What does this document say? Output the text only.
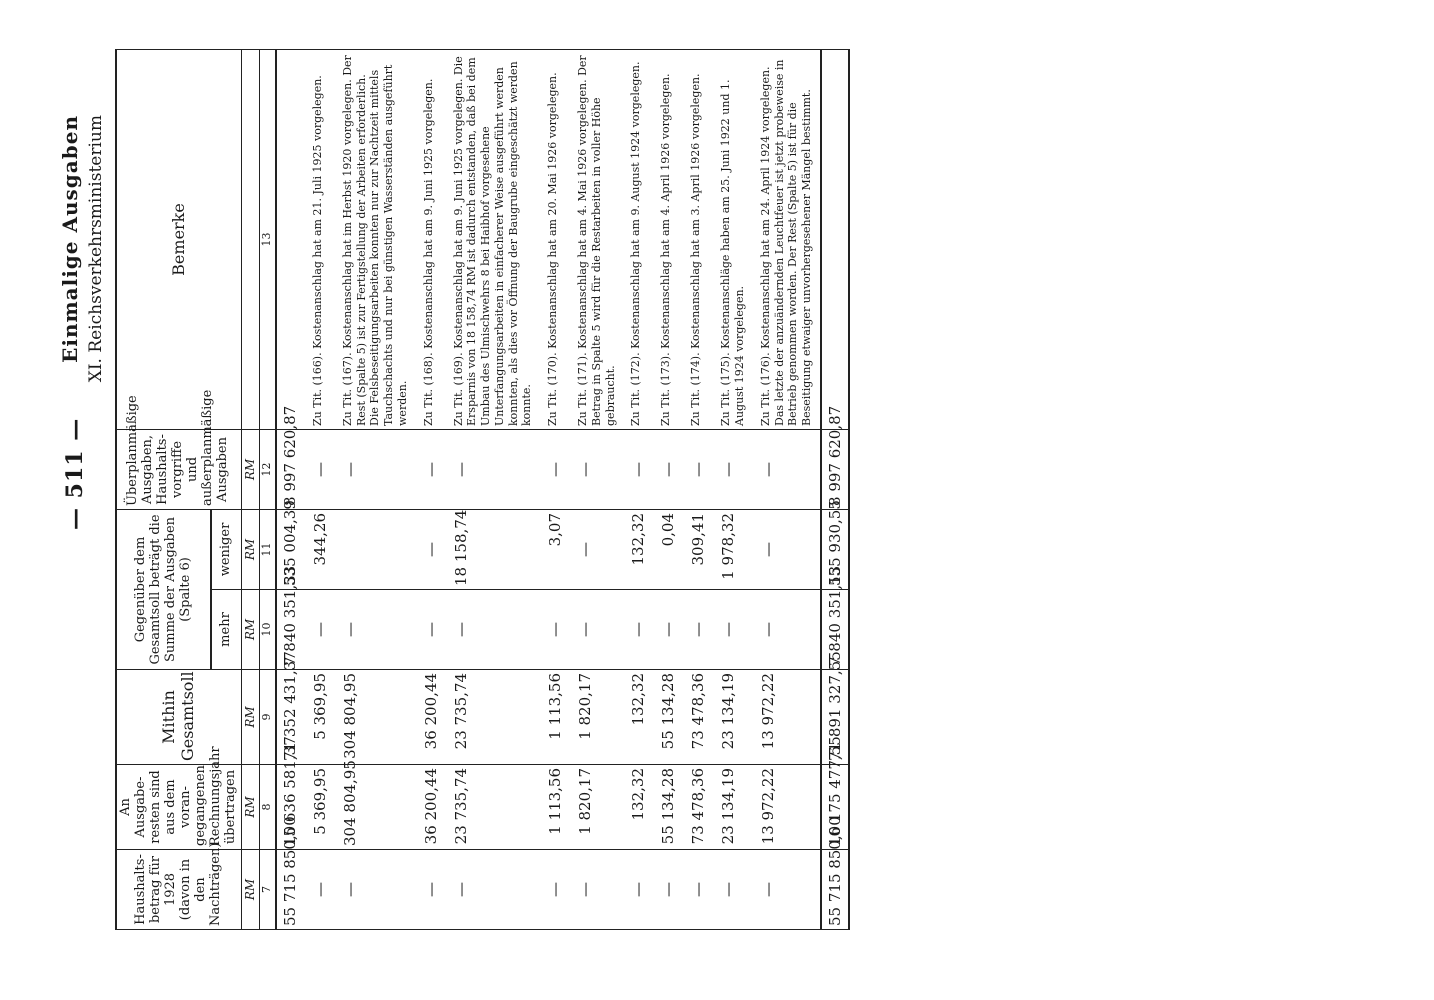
— 511 —
Einmalige Ausgaben XI. Reichsverkehrsministerium
Haushalts-betrag für 1928 (davon in den Nachträgen)	An Ausgabe-resten sind aus dem voran-gegangenen Rechnungsjahr übertragen	Mithin Gesamtsoll	Gegenüber dem Gesamtsoll beträgt die Summe der Ausgaben (Spalte 6)		Überplanmäßige Ausgaben, Haushalts-vorgriffe und außerplanmäßige Ausgaben	Bemerke
			mehr	weniger		
RM	RM	RM	RM	RM	RM	
7	8	9	10	11	12	13
55 715 850,00	15 636 581,37	71 352 431,37	7 840 351,33	535 004,39	8 997 620,87	
—	5 369,95	5 369,95	—	344,26	—	Zu Tit. (166). Kostenanschlag hat am 21. Juli 1925 vorgelegen.
—	304 804,95	304 804,95	—		—	Zu Tit. (167). Kostenanschlag hat im Herbst 1920 vorgelegen. Der Rest (Spalte 5) ist zur Fertigstellung der Arbeiten erforderlich. Die Felsbeseitigungsarbeiten konnten nur zur Nachtzeit mittels Tauchschachts und nur bei günstigen Wasserständen ausgeführt werden.
—	36 200,44	36 200,44	—	—	—	Zu Tit. (168). Kostenanschlag hat am 9. Juni 1925 vorgelegen.
—	23 735,74	23 735,74	—	18 158,74	—	Zu Tit. (169). Kostenanschlag hat am 9. Juni 1925 vorgelegen. Die Ersparnis von 18 158,74 RM ist dadurch entstanden, daß bei dem Umbau des Ulmischwehrs 8 bei Haibhof vorgesehene Unterfangungsarbeiten in einfacherer Weise ausgeführt werden konnten, als dies vor Öffnung der Baugrube eingeschätzt werden konnte.
—	1 113,56	1 113,56	—	3,07	—	Zu Tit. (170). Kostenanschlag hat am 20. Mai 1926 vorgelegen.
—	1 820,17	1 820,17	—	—	—	Zu Tit. (171). Kostenanschlag hat am 4. Mai 1926 vorgelegen. Der Betrag in Spalte 5 wird für die Restarbeiten in voller Höhe gebraucht.
—	132,32	132,32	—	132,32	—	Zu Tit. (172). Kostenanschlag hat am 9. August 1924 vorgelegen.
—	55 134,28	55 134,28	—	0,04	—	Zu Tit. (173). Kostenanschlag hat am 4. April 1926 vorgelegen.
—	73 478,36	73 478,36	—	309,41	—	Zu Tit. (174). Kostenanschlag hat am 3. April 1926 vorgelegen.
—	23 134,19	23 134,19	—	1 978,32	—	Zu Tit. (175). Kostenanschläge haben am 25. Juni 1922 und 1. August 1924 vorgelegen.
—	13 972,22	13 972,22	—	—	—	Zu Tit. (176). Kostenanschlag hat am 24. April 1924 vorgelegen. Das letzte der anzuändernden Leuchtfeuer ist jetzt probeweise in Betrieb genommen worden. Der Rest (Spalte 5) ist für die Beseitigung etwaiger unvorhergesehener Mängel bestimmt.
55 715 850,00	16 175 477,55	71 891 327,55	7 840 351,13	555 930,55	8 997 620,87	
